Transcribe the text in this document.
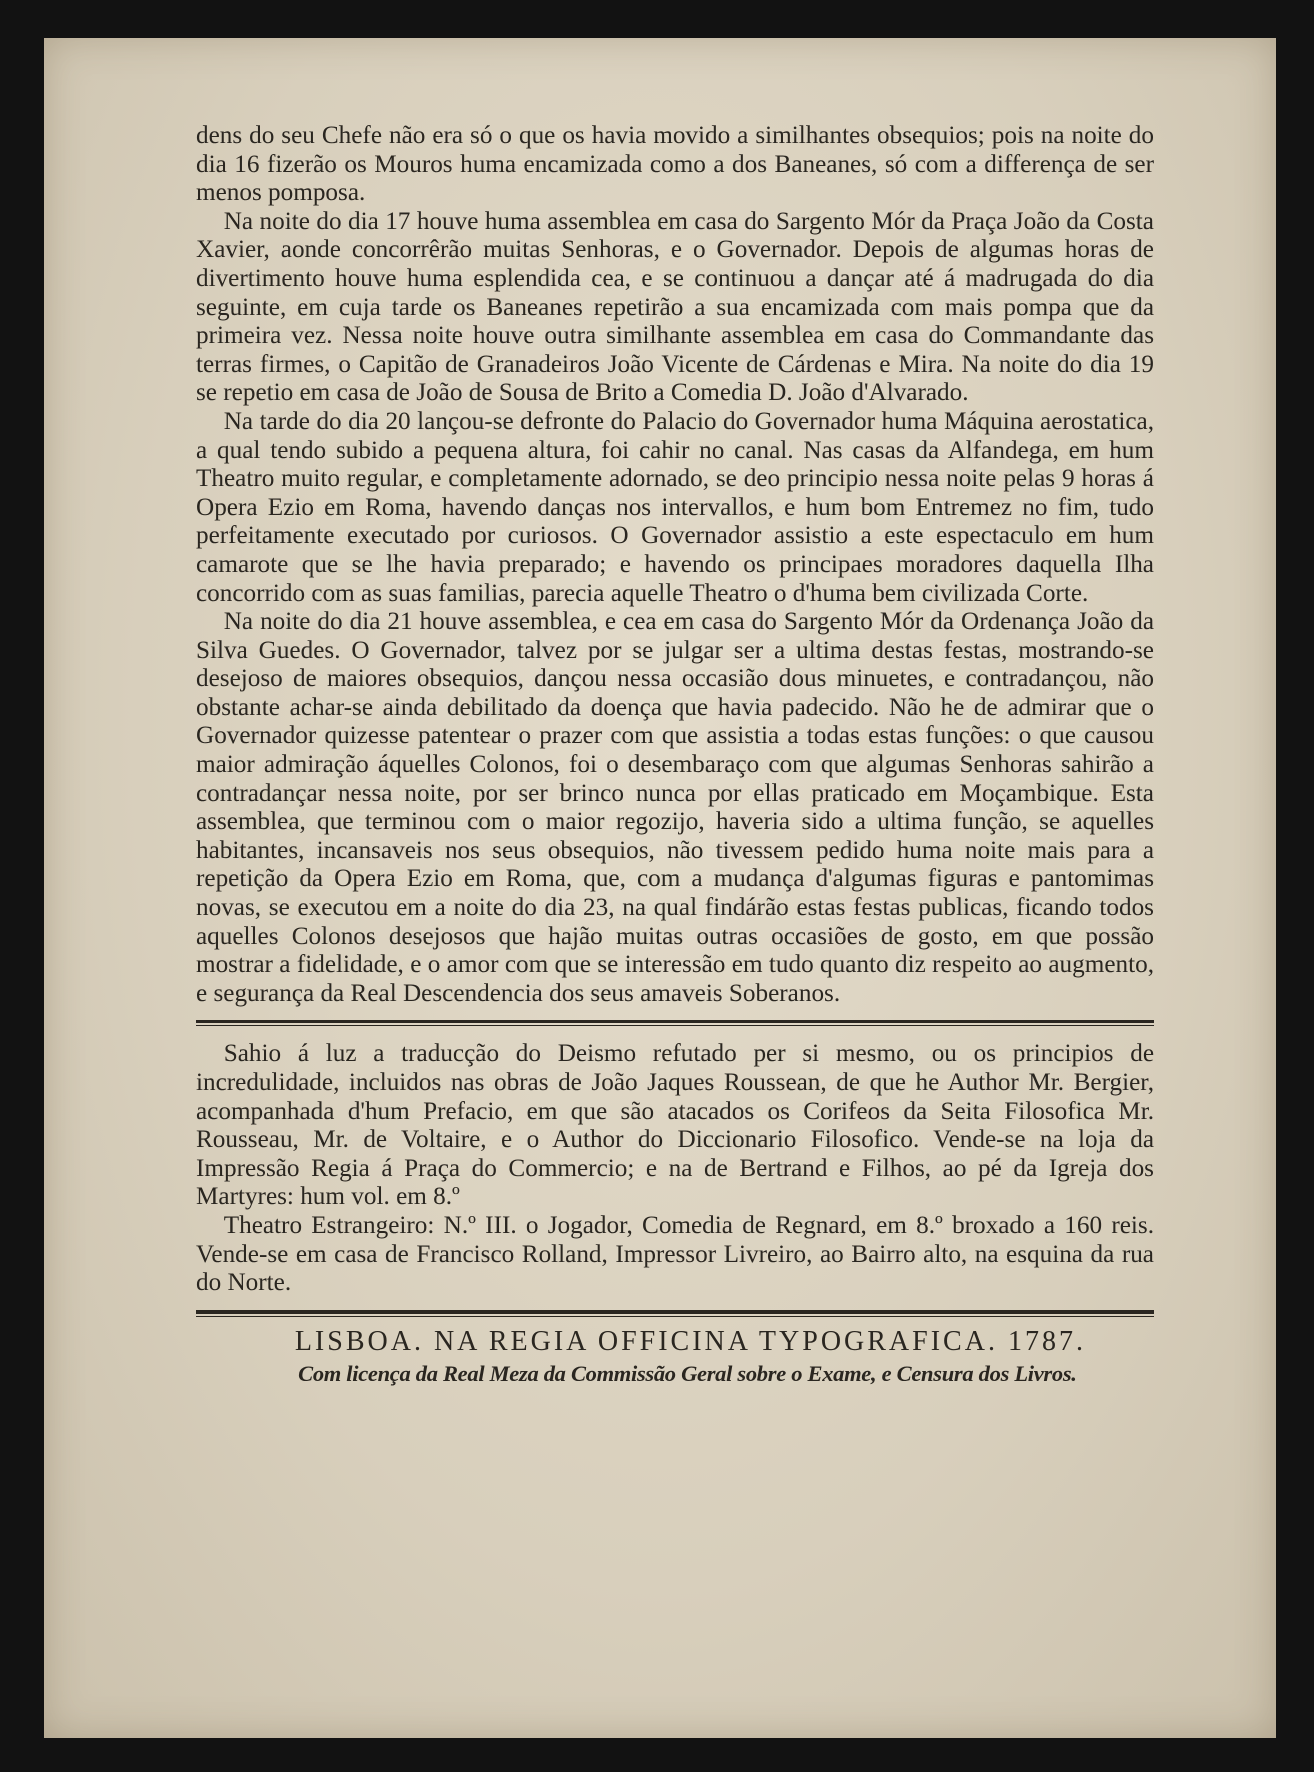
dens do seu Chefe não era só o que os havia movido a similhantes obsequios; pois na noite do dia 16 fizerão os Mouros huma encamizada como a dos Baneanes, só com a differença de ser menos pomposa.

Na noite do dia 17 houve huma assemblea em casa do Sargento Mór da Praça João da Costa Xavier, aonde concorrêrão muitas Senhoras, e o Governador. Depois de algumas horas de divertimento houve huma esplendida cea, e se continuou a dançar até á madrugada do dia seguinte, em cuja tarde os Baneanes repetirão a sua encamizada com mais pompa que da primeira vez. Nessa noite houve outra similhante assemblea em casa do Commandante das terras firmes, o Capitão de Granadeiros João Vicente de Cárdenas e Mira. Na noite do dia 19 se repetio em casa de João de Sousa de Brito a Comedia D. João d'Alvarado.

Na tarde do dia 20 lançou-se defronte do Palacio do Governador huma Máquina aerostatica, a qual tendo subido a pequena altura, foi cahir no canal. Nas casas da Alfandega, em hum Theatro muito regular, e completamente adornado, se deo principio nessa noite pelas 9 horas á Opera Ezio em Roma, havendo danças nos intervallos, e hum bom Entremez no fim, tudo perfeitamente executado por curiosos. O Governador assistio a este espectaculo em hum camarote que se lhe havia preparado; e havendo os principaes moradores daquella Ilha concorrido com as suas familias, parecia aquelle Theatro o d'huma bem civilizada Corte.

Na noite do dia 21 houve assemblea, e cea em casa do Sargento Mór da Ordenança João da Silva Guedes. O Governador, talvez por se julgar ser a ultima destas festas, mostrando-se desejoso de maiores obsequios, dançou nessa occasião dous minuetes, e contradançou, não obstante achar-se ainda debilitado da doença que havia padecido. Não he de admirar que o Governador quizesse patentear o prazer com que assistia a todas estas funções: o que causou maior admiração áquelles Colonos, foi o desembaraço com que algumas Senhoras sahirão a contradançar nessa noite, por ser brinco nunca por ellas praticado em Moçambique. Esta assemblea, que terminou com o maior regozijo, haveria sido a ultima função, se aquelles habitantes, incansaveis nos seus obsequios, não tivessem pedido huma noite mais para a repetição da Opera Ezio em Roma, que, com a mudança d'algumas figuras e pantomimas novas, se executou em a noite do dia 23, na qual findárão estas festas publicas, ficando todos aquelles Colonos desejosos que hajão muitas outras occasiões de gosto, em que possão mostrar a fidelidade, e o amor com que se interessão em tudo quanto diz respeito ao augmento, e segurança da Real Descendencia dos seus amaveis Soberanos.

Sahio á luz a traducção do Deismo refutado per si mesmo, ou os principios de incredulidade, incluidos nas obras de João Jaques Roussean, de que he Author Mr. Bergier, acompanhada d'hum Prefacio, em que são atacados os Corifeos da Seita Filosofica Mr. Rousseau, Mr. de Voltaire, e o Author do Diccionario Filosofico. Vende-se na loja da Impressão Regia á Praça do Commercio; e na de Bertrand e Filhos, ao pé da Igreja dos Martyres: hum vol. em 8.º

Theatro Estrangeiro: N.º III. o Jogador, Comedia de Regnard, em 8.º broxado a 160 reis. Vende-se em casa de Francisco Rolland, Impressor Livreiro, ao Bairro alto, na esquina da rua do Norte.

LISBOA. NA REGIA OFFICINA TYPOGRAFICA. 1787.

Com licença da Real Meza da Commissão Geral sobre o Exame, e Censura dos Livros.
